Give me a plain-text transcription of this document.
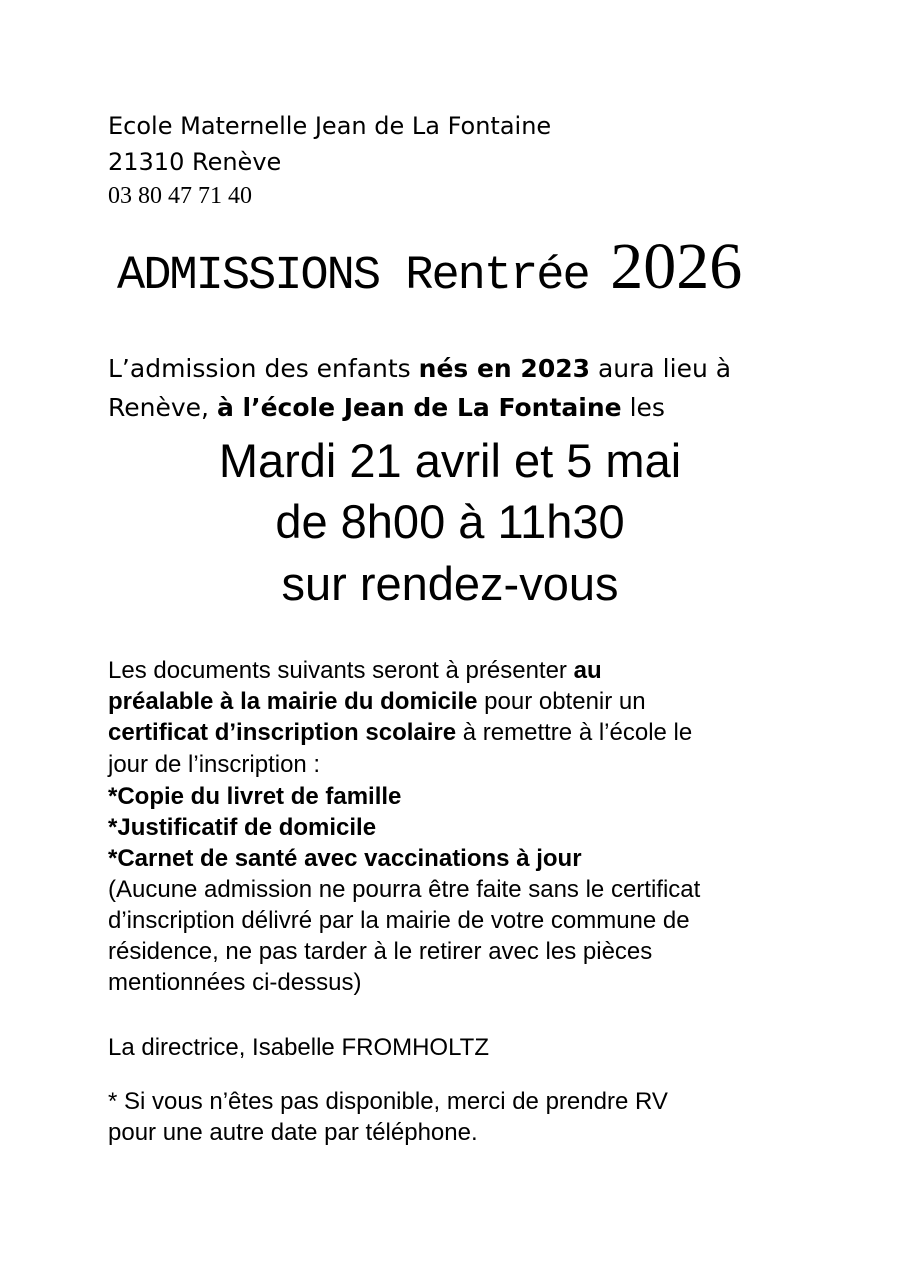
Ecole Maternelle Jean de La Fontaine
21310 Renève
03 80 47 71 40
ADMISSIONS Rentrée 2026
L’admission des enfants nés en 2023 aura lieu à
Renève, à l’école Jean de La Fontaine les
Mardi 21 avril et 5 mai
de 8h00 à 11h30
sur rendez-vous
Les documents suivants seront à présenter au
préalable à la mairie du domicile pour obtenir un
certificat d’inscription scolaire à remettre à l’école le
jour de l’inscription :
*Copie du livret de famille
*Justificatif de domicile
*Carnet de santé avec vaccinations à jour
(Aucune admission ne pourra être faite sans le certificat
d’inscription délivré par la mairie de votre commune de
résidence, ne pas tarder à le retirer avec les pièces
mentionnées ci-dessus)
La directrice, Isabelle FROMHOLTZ
* Si vous n’êtes pas disponible, merci de prendre RV
pour une autre date par téléphone.
